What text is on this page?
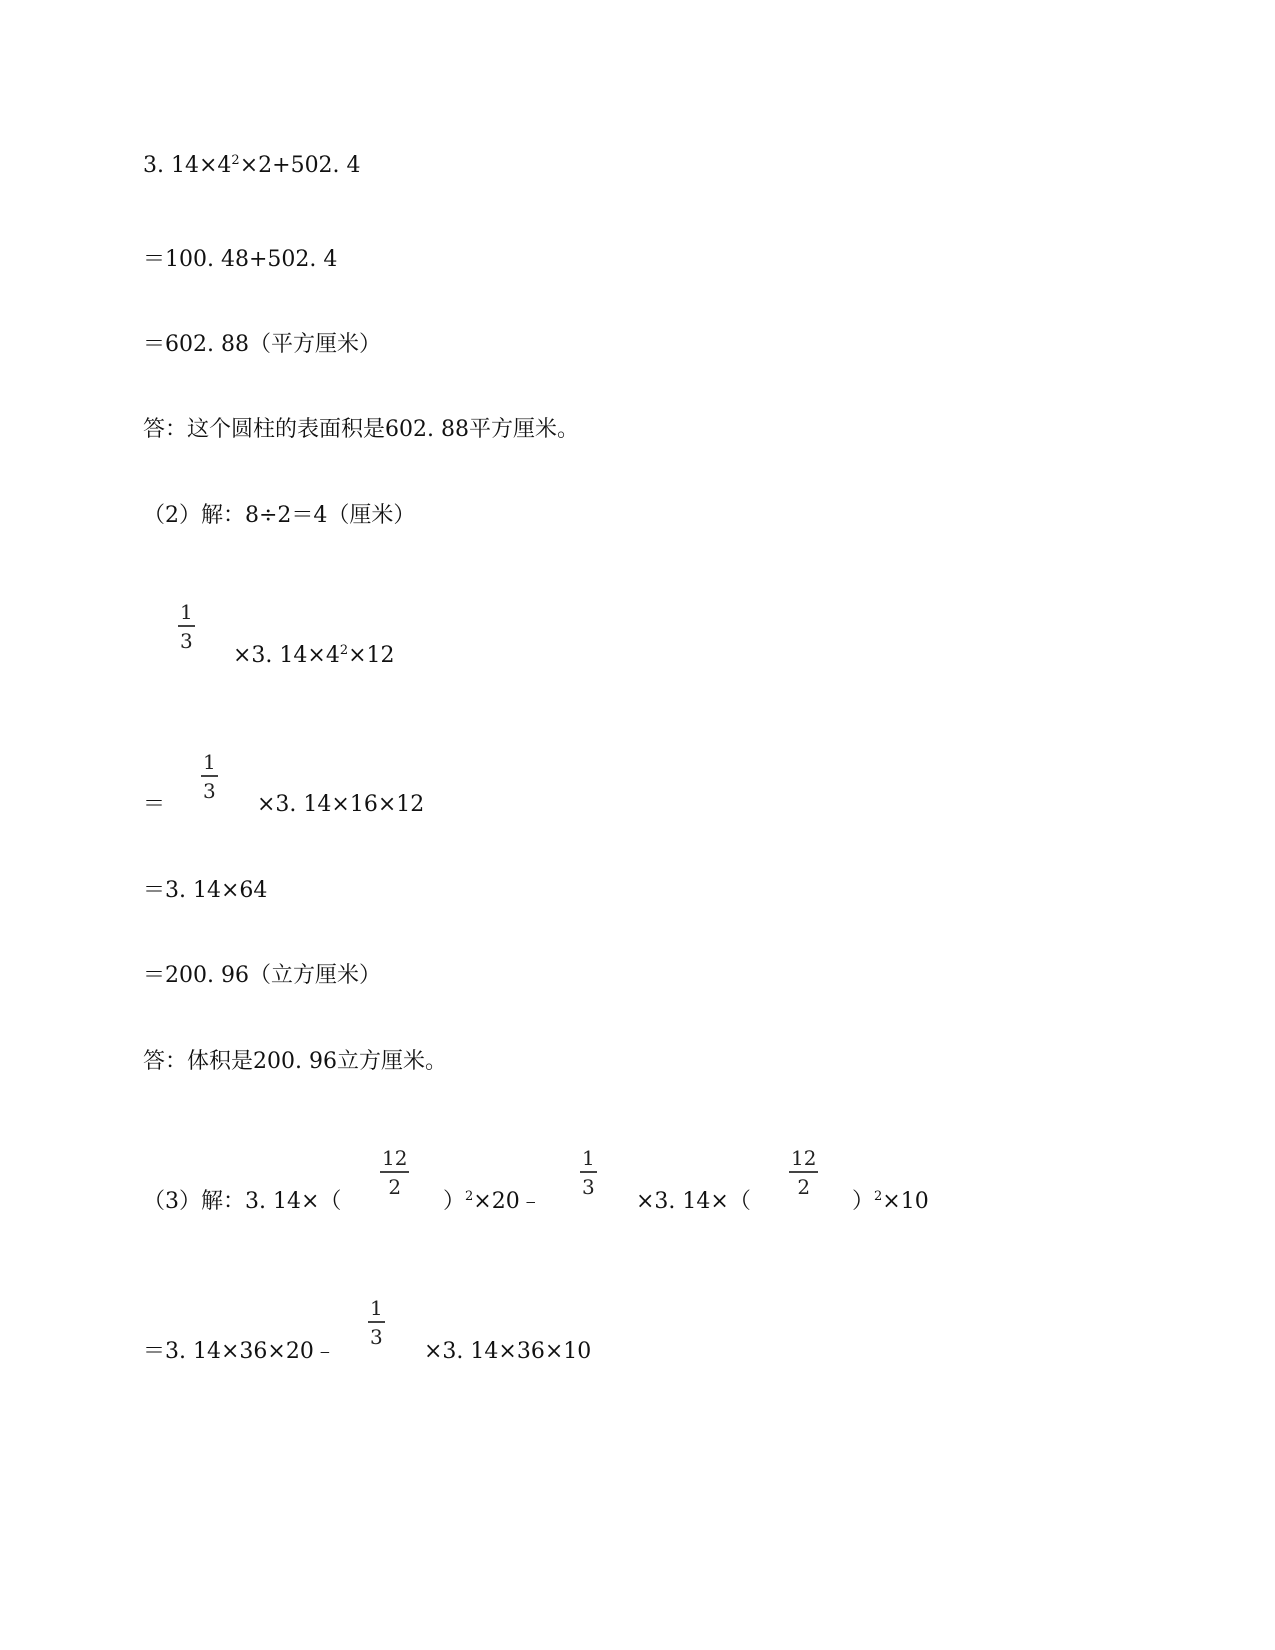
3. $14\times 4^2\times 2+502$. 4
＝100. 48+502. 4
＝602. 88（平方厘米）
答：这个圆柱的表面积是602. 88平方厘米。
（2）解：8÷2＝4（厘米）
1
3
×3. $14\times 4^2\times 12$
＝
1
3
×3. 14×16×12
＝3. 14×64
＝200. 96（立方厘米）
答：体积是200. 96立方厘米。
（3）解：3. 14×（
12
2
）$^2$×20﹣
1
3
×3. 14×（
12
2
）$^2$×10
＝3. 14×36×20﹣
1
3
×3. 14×36×10
